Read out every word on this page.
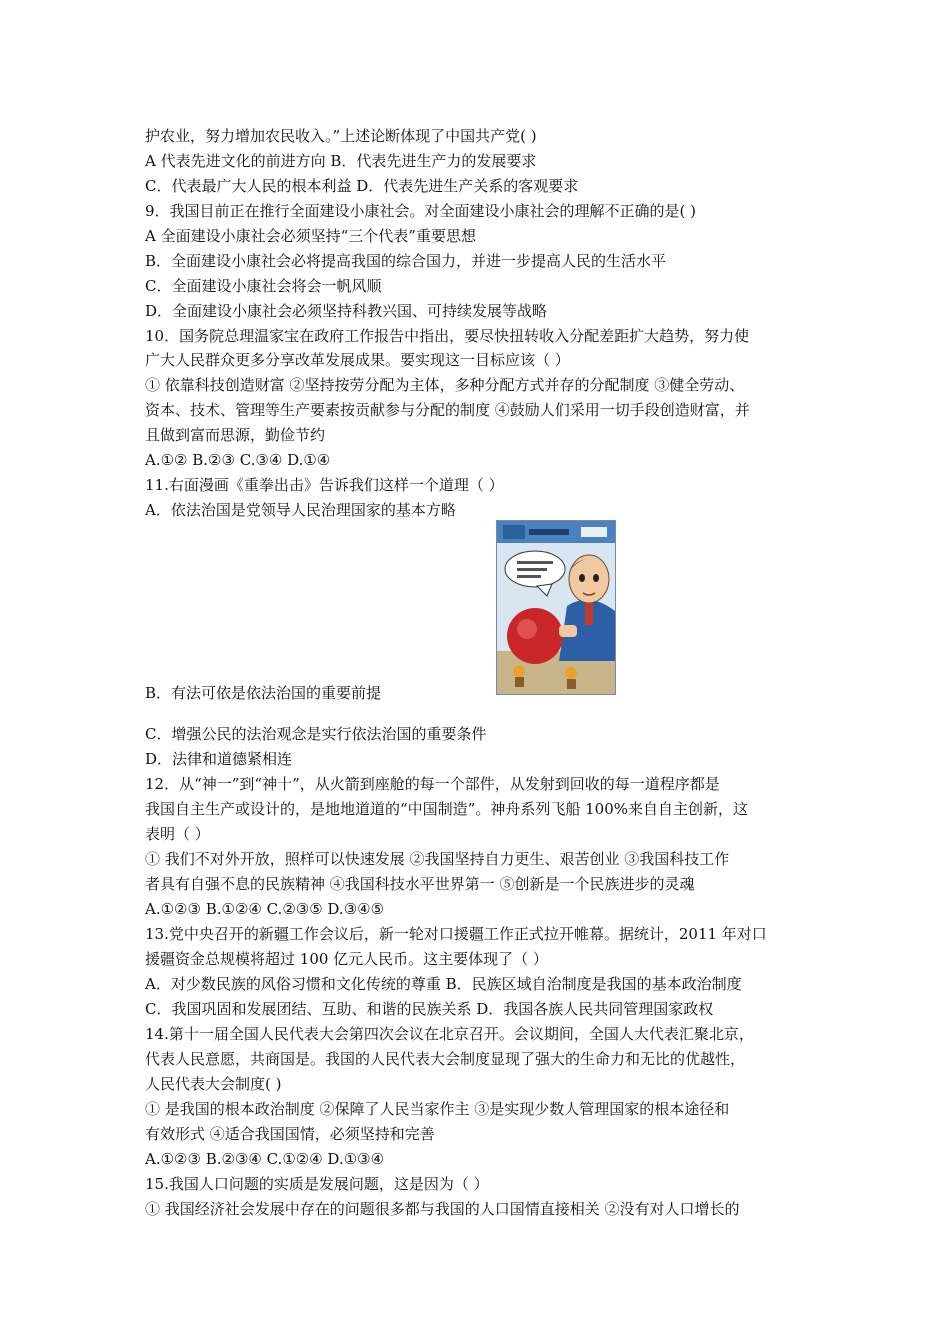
护农业，努力增加农民收入。”上述论断体现了中国共产党( )
A 代表先进文化的前进方向 B．代表先进生产力的发展要求
C．代表最广大人民的根本利益 D．代表先进生产关系的客观要求
9．我国目前正在推行全面建设小康社会。对全面建设小康社会的理解不正确的是( )
A 全面建设小康社会必须坚持“三个代表”重要思想
B．全面建设小康社会必将提高我国的综合国力，并进一步提高人民的生活水平
C．全面建设小康社会将会一帆风顺
D．全面建设小康社会必须坚持科教兴国、可持续发展等战略
10．国务院总理温家宝在政府工作报告中指出，要尽快扭转收入分配差距扩大趋势，努力使
广大人民群众更多分享改革发展成果。要实现这一目标应该（ ）
① 依靠科技创造财富 ②坚持按劳分配为主体，多种分配方式并存的分配制度 ③健全劳动、
资本、技术、管理等生产要素按贡献参与分配的制度 ④鼓励人们采用一切手段创造财富，并
且做到富而思源，勤俭节约
A.①② B.②③ C.③④ D.①④
11.右面漫画《重拳出击》告诉我们这样一个道理（ ）
A．依法治国是党领导人民治理国家的基本方略
B．有法可依是依法治国的重要前提
C．增强公民的法治观念是实行依法治国的重要条件
D．法律和道德紧相连
12．从“神一”到“神十”，从火箭到座舱的每一个部件，从发射到回收的每一道程序都是
我国自主生产或设计的，是地地道道的“中国制造”。神舟系列飞船 100%来自自主创新，这
表明（ ）
① 我们不对外开放，照样可以快速发展 ②我国坚持自力更生、艰苦创业 ③我国科技工作
者具有自强不息的民族精神 ④我国科技水平世界第一 ⑤创新是一个民族进步的灵魂
A.①②③ B.①②④ C.②③⑤ D.③④⑤
13.党中央召开的新疆工作会议后，新一轮对口援疆工作正式拉开帷幕。据统计，2011 年对口
援疆资金总规模将超过 100 亿元人民币。这主要体现了（ ）
A．对少数民族的风俗习惯和文化传统的尊重 B．民族区域自治制度是我国的基本政治制度
C．我国巩固和发展团结、互助、和谐的民族关系 D．我国各族人民共同管理国家政权
14.第十一届全国人民代表大会第四次会议在北京召开。会议期间，全国人大代表汇聚北京，
代表人民意愿，共商国是。我国的人民代表大会制度显现了强大的生命力和无比的优越性，
人民代表大会制度( )
① 是我国的根本政治制度 ②保障了人民当家作主 ③是实现少数人管理国家的根本途径和
有效形式 ④适合我国国情，必须坚持和完善
A.①②③ B.②③④ C.①②④ D.①③④
15.我国人口问题的实质是发展问题，这是因为（ ）
① 我国经济社会发展中存在的问题很多都与我国的人口国情直接相关 ②没有对人口增长的
